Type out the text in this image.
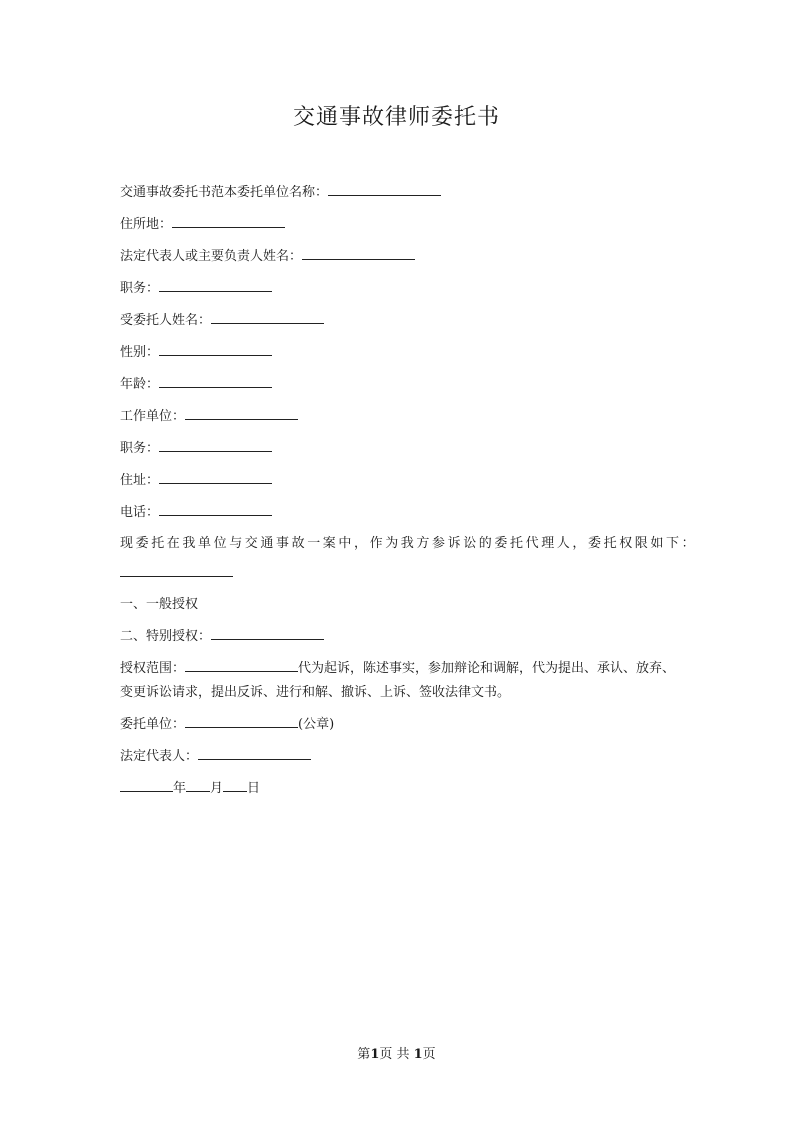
交通事故律师委托书
交通事故委托书范本委托单位名称：
住所地：
法定代表人或主要负责人姓名：
职务：
受委托人姓名：
性别：
年龄：
工作单位：
职务：
住址：
电话：
现委托在我单位与交通事故一案中，作为我方参诉讼的委托代理人，委托权限如下：
一、一般授权
二、特别授权：
授权范围：	代为起诉，陈述事实，参加辩论和调解，代为提出、承认、放弃、
变更诉讼请求，提出反诉、进行和解、撤诉、上诉、签收法律文书。
委托单位：	(公章)
法定代表人：
年 月 日
第1页 共 1页
